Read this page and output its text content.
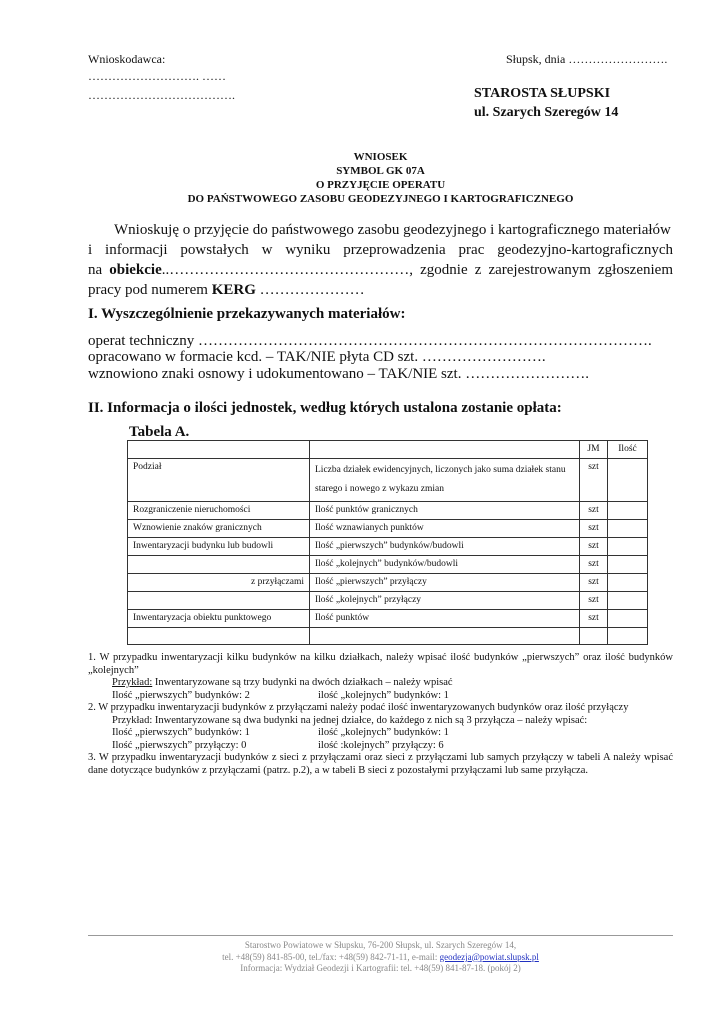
Wnioskodawca:
………………………. ……
……………………………….
Słupsk, dnia …………………….
STAROSTA SŁUPSKI
ul. Szarych Szeregów 14
WNIOSEK
SYMBOL GK 07A
O PRZYJĘCIE OPERATU
DO PAŃSTWOWEGO ZASOBU GEODEZYJNEGO I KARTOGRAFICZNEGO
Wnioskuję o przyjęcie do państwowego zasobu geodezyjnego i kartograficznego materiałów
i informacji powstałych w wyniku przeprowadzenia prac geodezyjno-kartograficznych
na obiekcie..…………………………………………, zgodnie z zarejestrowanym zgłoszeniem
pracy pod numerem KERG …………………
I. Wyszczególnienie przekazywanych materiałów:
operat techniczny ……………………………………………………………………………….
opracowano w formacie kcd. – TAK/NIE płyta CD szt. …………………….
wznowiono znaki osnowy i udokumentowano – TAK/NIE szt. …………………….
II. Informacja o ilości jednostek, według których ustalona zostanie opłata:
Tabela A.
		JM	Ilość
Podział	Liczba działek ewidencyjnych, liczonych jako suma działek stanu starego i nowego z wykazu zmian	szt	
Rozgraniczenie nieruchomości	Ilość punktów granicznych	szt	
Wznowienie znaków granicznych	Ilość wznawianych punktów	szt	
Inwentaryzacji budynku lub budowli	Ilość „pierwszych” budynków/budowli	szt	
	Ilość „kolejnych” budynków/budowli	szt	
z przyłączami	Ilość „pierwszych” przyłączy	szt	
	Ilość „kolejnych” przyłączy	szt	
Inwentaryzacja obiektu punktowego	Ilość punktów	szt	

1. W przypadku inwentaryzacji kilku budynków na kilku działkach, należy wpisać ilość budynków „pierwszych” oraz ilość budynków „kolejnych”

Przykład: Inwentaryzowane są trzy budynki na dwóch działkach – należy wpisać

Ilość „pierwszych” budynków: 2	ilość „kolejnych” budynków: 1

2. W przypadku inwentaryzacji budynków z przyłączami należy podać ilość inwentaryzowanych budynków oraz ilość przyłączy

Przykład: Inwentaryzowane są dwa budynki na jednej działce, do każdego z nich są 3 przyłącza – należy wpisać:

Ilość „pierwszych” budynków: 1	ilość „kolejnych” budynków: 1

Ilość „pierwszych” przyłączy: 0	ilość :kolejnych” przyłączy: 6

3. W przypadku inwentaryzacji budynków z sieci z przyłączami oraz sieci z przyłączami lub samych przyłączy w tabeli A należy wpisać dane dotyczące budynków z przyłączami (patrz. p.2), a w tabeli B sieci z pozostałymi przyłączami lub same przyłącza.

Starostwo Powiatowe w Słupsku, 76-200 Słupsk, ul. Szarych Szeregów 14,
tel. +48(59) 841-85-00, tel./fax: +48(59) 842-71-11, e-mail: geodezja@powiat.slupsk.pl
Informacja: Wydział Geodezji i Kartografii: tel. +48(59) 841-87-18. (pokój 2)
